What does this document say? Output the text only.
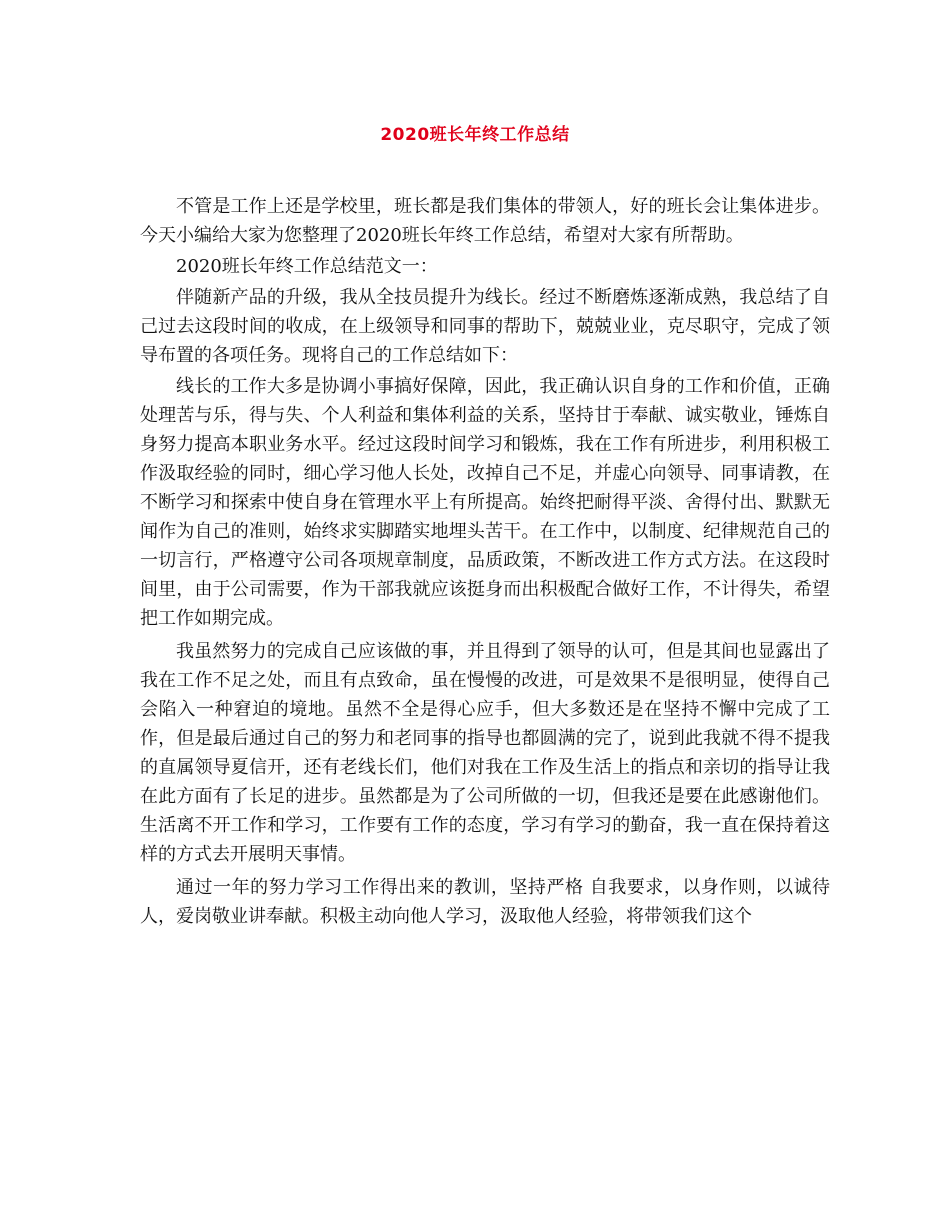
2020班长年终工作总结

不管是工作上还是学校里，班长都是我们集体的带领人，好的班长会让集体进步。今天小编给大家为您整理了2020班长年终工作总结，希望对大家有所帮助。

2020班长年终工作总结范文一：

伴随新产品的升级，我从全技员提升为线长。经过不断磨炼逐渐成熟，我总结了自己过去这段时间的收成，在上级领导和同事的帮助下，兢兢业业，克尽职守，完成了领导布置的各项任务。现将自己的工作总结如下：

线长的工作大多是协调小事搞好保障，因此，我正确认识自身的工作和价值，正确处理苦与乐，得与失、个人利益和集体利益的关系，坚持甘于奉献、诚实敬业，锤炼自身努力提高本职业务水平。经过这段时间学习和锻炼，我在工作有所进步，利用积极工作汲取经验的同时，细心学习他人长处，改掉自己不足，并虚心向领导、同事请教，在不断学习和探索中使自身在管理水平上有所提高。始终把耐得平淡、舍得付出、默默无闻作为自己的准则，始终求实脚踏实地埋头苦干。在工作中，以制度、纪律规范自己的一切言行，严格遵守公司各项规章制度，品质政策，不断改进工作方式方法。在这段时间里，由于公司需要，作为干部我就应该挺身而出积极配合做好工作，不计得失，希望把工作如期完成。

我虽然努力的完成自己应该做的事，并且得到了领导的认可，但是其间也显露出了我在工作不足之处，而且有点致命，虽在慢慢的改进，可是效果不是很明显，使得自己会陷入一种窘迫的境地。虽然不全是得心应手，但大多数还是在坚持不懈中完成了工作，但是最后通过自己的努力和老同事的指导也都圆满的完了，说到此我就不得不提我的直属领导夏信开，还有老线长们，他们对我在工作及生活上的指点和亲切的指导让我在此方面有了长足的进步。虽然都是为了公司所做的一切，但我还是要在此感谢他们。生活离不开工作和学习，工作要有工作的态度，学习有学习的勤奋，我一直在保持着这样的方式去开展明天事情。

通过一年的努力学习工作得出来的教训，坚持严格 自我要求，以身作则，以诚待人，爱岗敬业讲奉献。积极主动向他人学习，汲取他人经验，将带领我们这个
